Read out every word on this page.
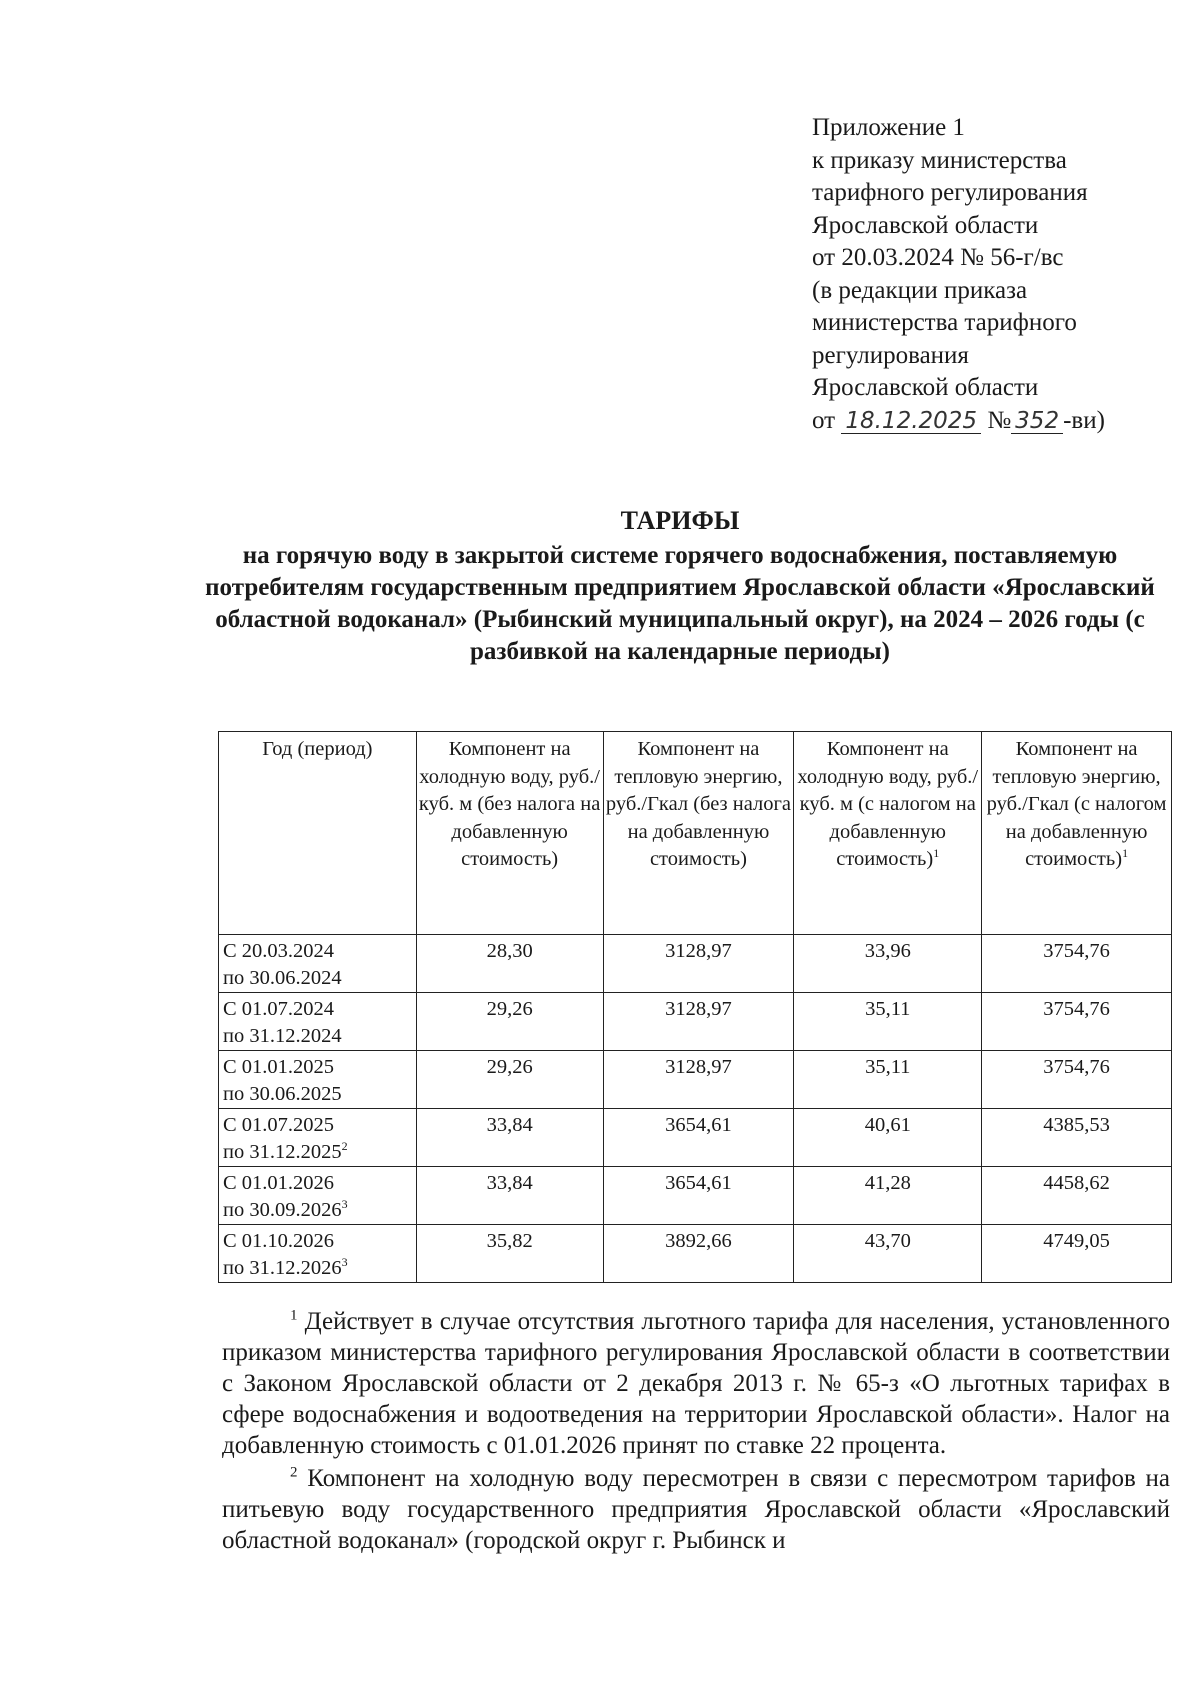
Приложение 1
к приказу министерства
тарифного регулирования
Ярославской области
от 20.03.2024 № 56-г/вс
(в редакции приказа
министерства тарифного
регулирования
Ярославской области
от 18.12.2025 № 352 -ви)
ТАРИФЫ
на горячую воду в закрытой системе горячего водоснабжения, поставляемую потребителям государственным предприятием Ярославской области «Ярославский областной водоканал» (Рыбинский муниципальный округ), на 2024 – 2026 годы (с разбивкой на календарные периоды)
Год (период)	Компонент на холодную воду, руб./ куб. м (без налога на добавленную стоимость)	Компонент на тепловую энергию, руб./Гкал (без налога на добавленную стоимость)	Компонент на холодную воду, руб./ куб. м (с налогом на добавленную стоимость)$^1$	Компонент на тепловую энергию, руб./Гкал (с налогом на добавленную стоимость)$^1$
С 20.03.2024
по 30.06.2024	28,30	3128,97	33,96	3754,76
С 01.07.2024
по 31.12.2024	29,26	3128,97	35,11	3754,76
С 01.01.2025
по 30.06.2025	29,26	3128,97	35,11	3754,76
С 01.07.2025
по 31.12.2025$^2$	33,84	3654,61	40,61	4385,53
С 01.01.2026
по 30.09.2026$^3$	33,84	3654,61	41,28	4458,62
С 01.10.2026
по 31.12.2026$^3$	35,82	3892,66	43,70	4749,05

$^1$ Действует в случае отсутствия льготного тарифа для населения, установленного приказом министерства тарифного регулирования Ярославской области в соответствии с Законом Ярославской области от 2 декабря 2013 г. № 65-з «О льготных тарифах в сфере водоснабжения и водоотведения на территории Ярославской области». Налог на добавленную стоимость с 01.01.2026 принят по ставке 22 процента.

$^2$ Компонент на холодную воду пересмотрен в связи с пересмотром тарифов на питьевую воду государственного предприятия Ярославской области «Ярославский областной водоканал» (городской округ г. Рыбинск и
